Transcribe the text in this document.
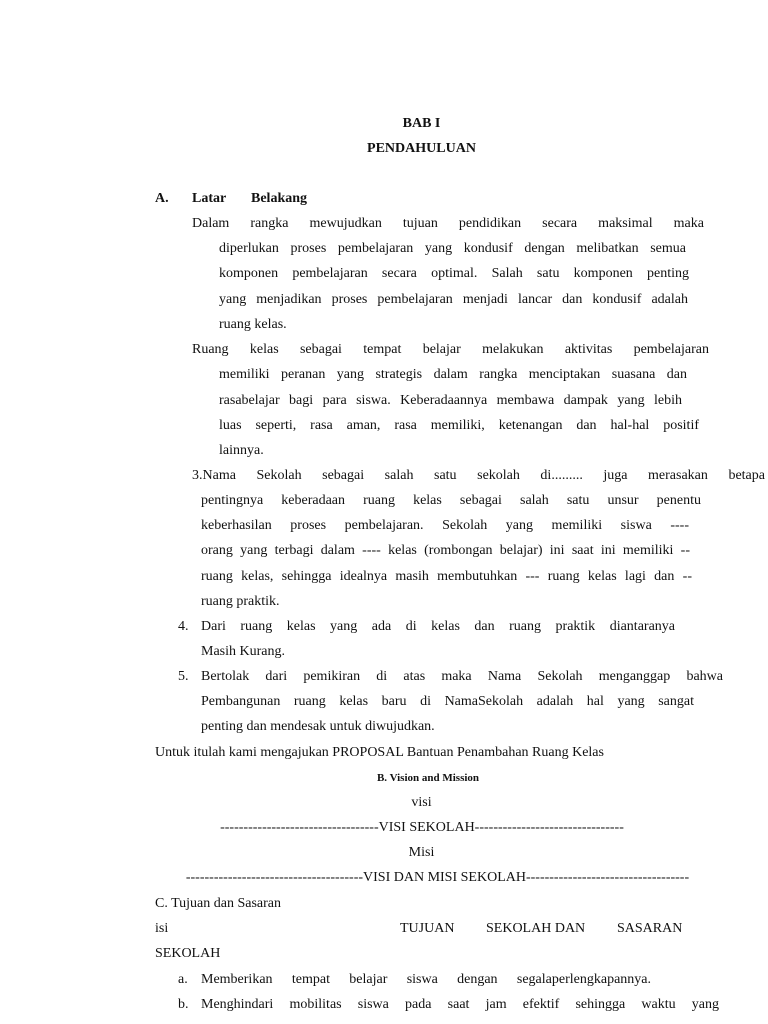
BAB I
PENDAHULUAN
A. Latar Belakang
Dalam rangka mewujudkan tujuan pendidikan secara maksimal maka
diperlukan proses pembelajaran yang kondusif dengan melibatkan semua
komponen pembelajaran secara optimal. Salah satu komponen penting
yang menjadikan proses pembelajaran menjadi lancar dan kondusif adalah
ruang kelas.
Ruang kelas sebagai tempat belajar melakukan aktivitas pembelajaran
memiliki peranan yang strategis dalam rangka menciptakan suasana dan
rasabelajar bagi para siswa. Keberadaannya membawa dampak yang lebih
luas seperti, rasa aman, rasa memiliki, ketenangan dan hal-hal positif
lainnya.
3.Nama Sekolah sebagai salah satu sekolah di......... juga merasakan betapa
pentingnya keberadaan ruang kelas sebagai salah satu unsur penentu
keberhasilan proses pembelajaran. Sekolah yang memiliki siswa ----
orang yang terbagi dalam ---- kelas (rombongan belajar) ini saat ini memiliki --
ruang kelas, sehingga idealnya masih membutuhkan --- ruang kelas lagi dan --
ruang praktik.
4. Dari ruang kelas yang ada di kelas dan ruang praktik diantaranya
Masih Kurang.
5. Bertolak dari pemikiran di atas maka Nama Sekolah menganggap bahwa
Pembangunan ruang kelas baru di NamaSekolah adalah hal yang sangat
penting dan mendesak untuk diwujudkan.
Untuk itulah kami mengajukan PROPOSAL Bantuan Penambahan Ruang Kelas
B. Vision and Mission
visi
----------------------------------VISI SEKOLAH--------------------------------
Misi
--------------------------------------VISI DAN MISI SEKOLAH-----------------------------------
C. Tujuan dan Sasaran
isi	TUJUAN SEKOLAH DAN SASARAN
SEKOLAH
a. Memberikan tempat belajar siswa dengan segalaperlengkapannya.
b. Menghindari mobilitas siswa pada saat jam efektif sehingga waktu yang
